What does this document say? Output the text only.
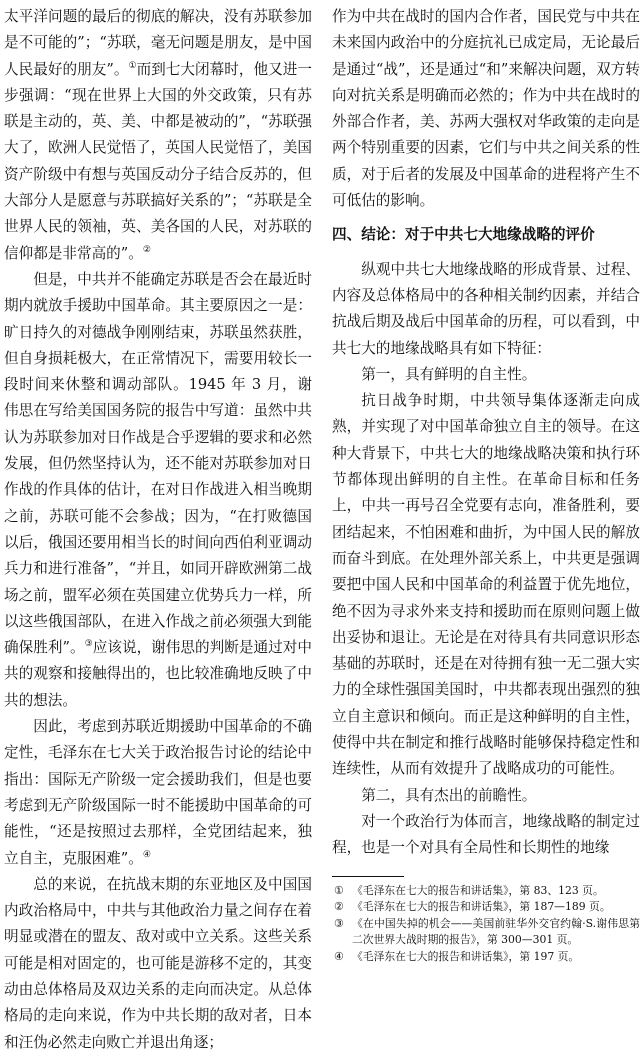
太平洋问题的最后的彻底的解决，没有苏联参加是不可能的”；“苏联，毫无问题是朋友，是中国人民最好的朋友”。①而到七大闭幕时，他又进一步强调：“现在世界上大国的外交政策，只有苏联是主动的，英、美、中都是被动的”，“苏联强大了，欧洲人民觉悟了，英国人民觉悟了，美国资产阶级中有想与英国反动分子结合反苏的，但大部分人是愿意与苏联搞好关系的”；“苏联是全世界人民的领袖，英、美各国的人民，对苏联的信仰都是非常高的”。②

但是，中共并不能确定苏联是否会在最近时期内就放手援助中国革命。其主要原因之一是：旷日持久的对德战争刚刚结束，苏联虽然获胜，但自身损耗极大，在正常情况下，需要用较长一段时间来休整和调动部队。1945 年 3 月，谢伟思在写给美国国务院的报告中写道：虽然中共认为苏联参加对日作战是合乎逻辑的要求和必然发展，但仍然坚持认为，还不能对苏联参加对日作战的作具体的估计，在对日作战进入相当晚期之前，苏联可能不会参战；因为，“在打败德国以后，俄国还要用相当长的时间向西伯利亚调动兵力和进行准备”，“并且，如同开辟欧洲第二战场之前，盟军必须在英国建立优势兵力一样，所以这些俄国部队，在进入作战之前必须强大到能确保胜利”。③应该说，谢伟思的判断是通过对中共的观察和接触得出的，也比较准确地反映了中共的想法。

因此，考虑到苏联近期援助中国革命的不确定性，毛泽东在七大关于政治报告讨论的结论中指出：国际无产阶级一定会援助我们，但是也要考虑到无产阶级国际一时不能援助中国革命的可能性，“还是按照过去那样，全党团结起来，独立自主，克服困难”。④

总的来说，在抗战末期的东亚地区及中国国内政治格局中，中共与其他政治力量之间存在着明显或潜在的盟友、敌对或中立关系。这些关系可能是相对固定的，也可能是游移不定的，其变动由总体格局及双边关系的走向而决定。从总体格局的走向来说，作为中共长期的敌对者，日本和汪伪必然走向败亡并退出角逐；

作为中共在战时的国内合作者，国民党与中共在未来国内政治中的分庭抗礼已成定局，无论最后是通过“战”，还是通过“和”来解决问题，双方转向对抗关系是明确而必然的；作为中共在战时的外部合作者，美、苏两大强权对华政策的走向是两个特别重要的因素，它们与中共之间关系的性质，对于后者的发展及中国革命的进程将产生不可低估的影响。

四、结论：对于中共七大地缘战略的评价

纵观中共七大地缘战略的形成背景、过程、内容及总体格局中的各种相关制约因素，并结合抗战后期及战后中国革命的历程，可以看到，中共七大的地缘战略具有如下特征：

第一，具有鲜明的自主性。

抗日战争时期，中共领导集体逐渐走向成熟，并实现了对中国革命独立自主的领导。在这种大背景下，中共七大的地缘战略决策和执行环节都体现出鲜明的自主性。在革命目标和任务上，中共一再号召全党要有志向，准备胜利，要团结起来，不怕困难和曲折，为中国人民的解放而奋斗到底。在处理外部关系上，中共更是强调要把中国人民和中国革命的利益置于优先地位，绝不因为寻求外来支持和援助而在原则问题上做出妥协和退让。无论是在对待具有共同意识形态基础的苏联时，还是在对待拥有独一无二强大实力的全球性强国美国时，中共都表现出强烈的独立自主意识和倾向。而正是这种鲜明的自主性，使得中共在制定和推行战略时能够保持稳定性和连续性，从而有效提升了战略成功的可能性。

第二，具有杰出的前瞻性。

对一个政治行为体而言，地缘战略的制定过程，也是一个对具有全局性和长期性的地缘

① 《毛泽东在七大的报告和讲话集》，第 83、123 页。

② 《毛泽东在七大的报告和讲话集》，第 187—189 页。

③ 《在中国失掉的机会——美国前驻华外交官约翰·S.谢伟思第二次世界大战时期的报告》，第 300—301 页。

④ 《毛泽东在七大的报告和讲话集》，第 197 页。
